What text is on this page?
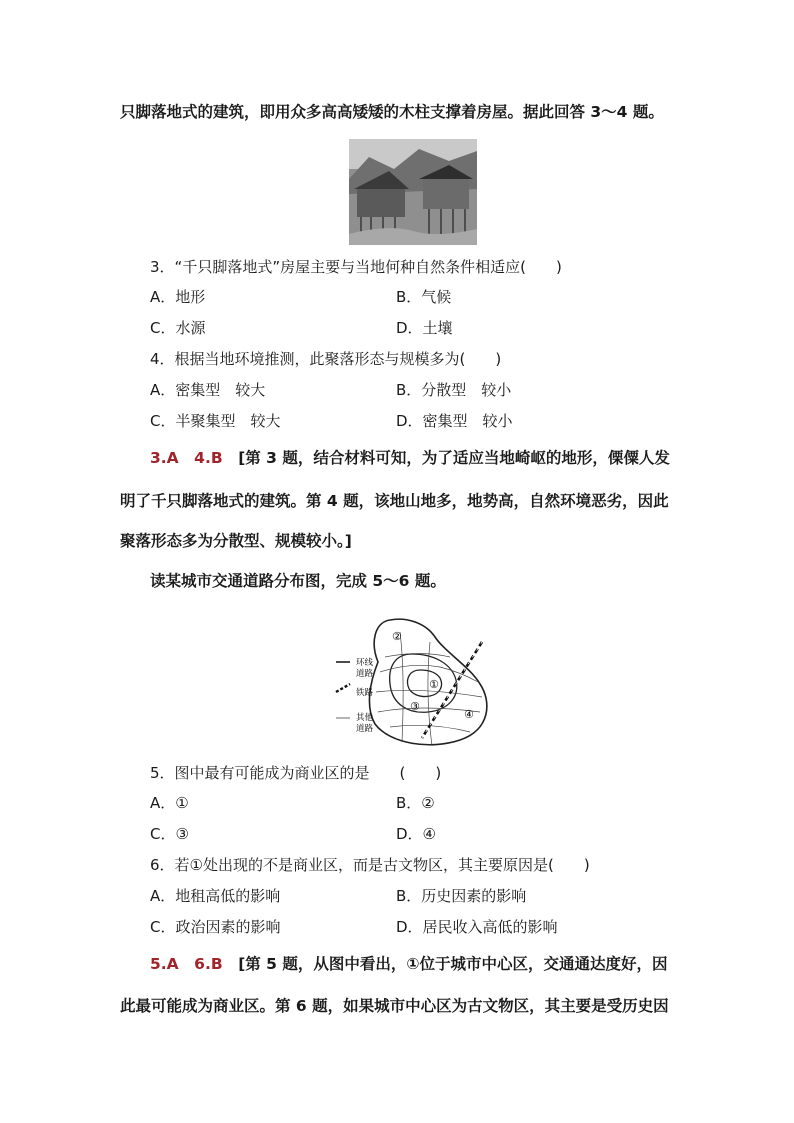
只脚落地式的建筑，即用众多高高矮矮的木柱支撑着房屋。据此回答 3～4 题。
3．“千只脚落地式”房屋主要与当地何种自然条件相适应(　　)
A．地形	B．气候
C．水源	D．土壤
4．根据当地环境推测，此聚落形态与规模多为(　　)
A．密集型　较大	B．分散型　较小
C．半聚集型　较大	D．密集型　较小
3.A　4.B　 [第 3 题，结合材料可知，为了适应当地崎岖的地形，傈僳人发
明了千只脚落地式的建筑。第 4 题，该地山地多，地势高，自然环境恶劣，因此
聚落形态多为分散型、规模较小。]
读某城市交通道路分布图，完成 5～6 题。
环线
道路
铁路
其他
道路
①
②
③
④
5．图中最有可能成为商业区的是　　(　　)
A．①	B．②
C．③	D．④
6．若①处出现的不是商业区，而是古文物区，其主要原因是(　　)
A．地租高低的影响	B．历史因素的影响
C．政治因素的影响	D．居民收入高低的影响
5.A　6.B　 [第 5 题，从图中看出，①位于城市中心区，交通通达度好，因
此最可能成为商业区。第 6 题，如果城市中心区为古文物区，其主要是受历史因
